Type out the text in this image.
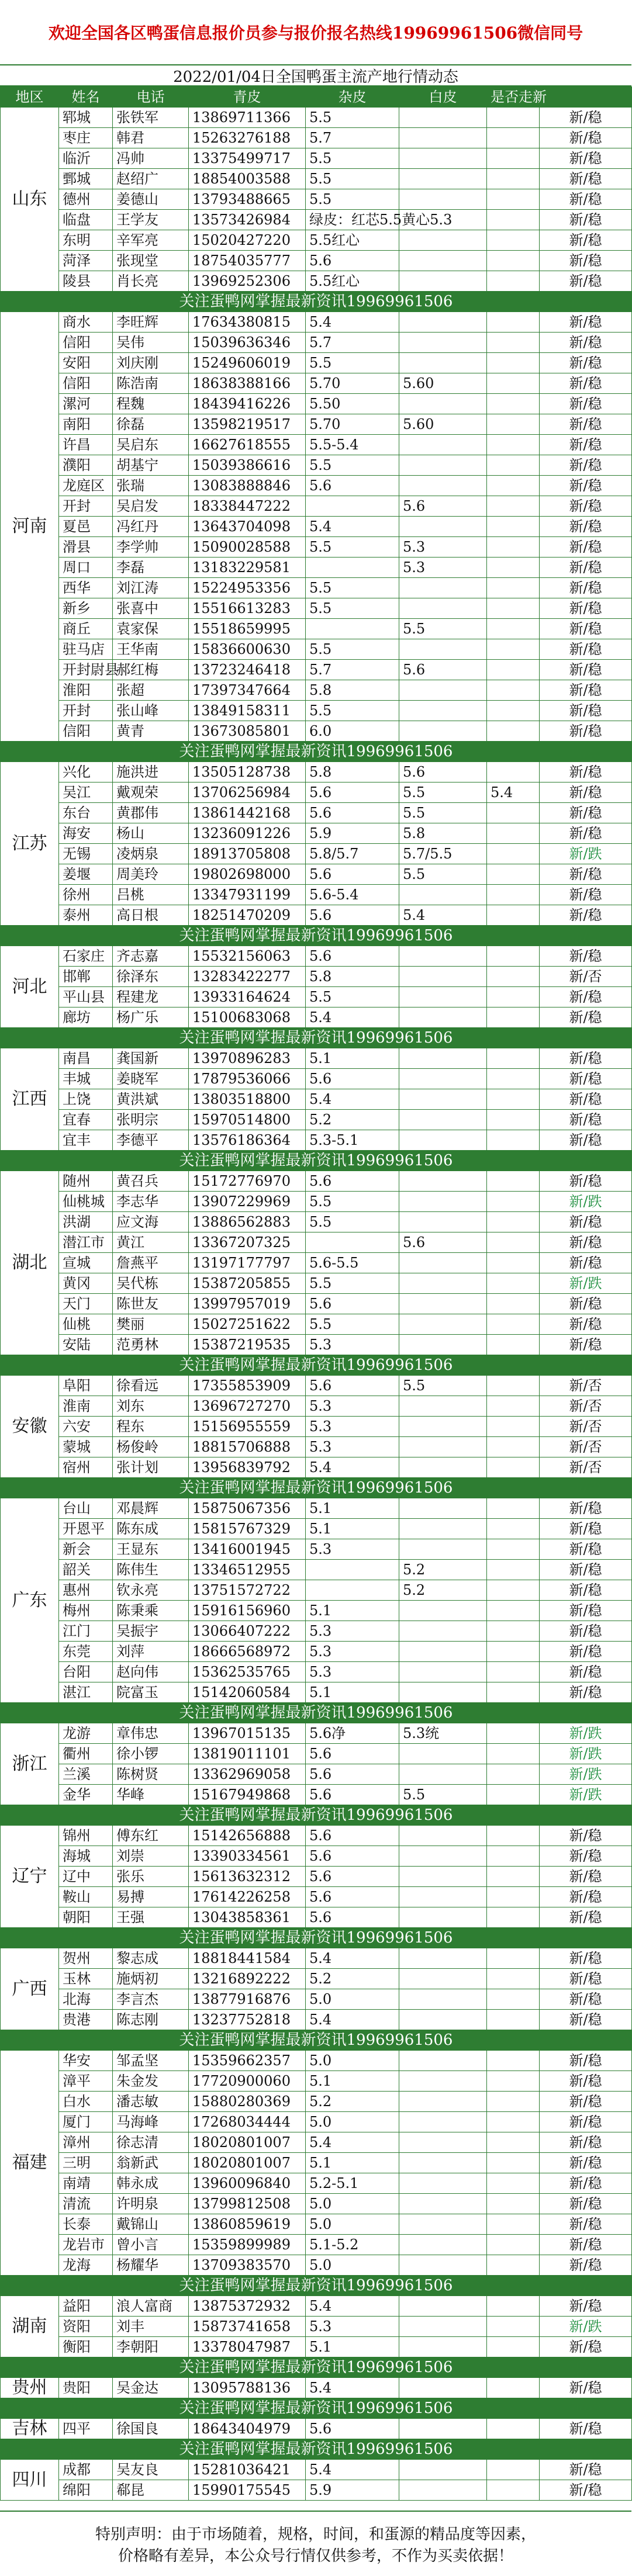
欢迎全国各区鸭蛋信息报价员参与报价报名热线19969961506微信同号
2022/01/04日全国鸭蛋主流产地行情动态
地区	姓名	电话	青皮	杂皮	白皮	是否走新	
山东	郓城	张铁军	13869711366	5.5			新/稳
	枣庄	韩君	15263276188	5.7			新/稳
	临沂	冯帅	13375499717	5.5			新/稳
	鄄城	赵绍广	18854003588	5.5			新/稳
	德州	姜德山	13793488665	5.5			新/稳
	临盘	王学友	13573426984	绿皮：红芯5.5黄心5.3			新/稳
	东明	辛军亮	15020427220	5.5红心			新/稳
	菏泽	张现堂	18754035777	5.6			新/稳
	陵县	肖长亮	13969252306	5.5红心			新/稳
关注蛋鸭网掌握最新资讯19969961506							
河南	商水	李旺辉	17634380815	5.4			新/稳
	信阳	吴伟	15039636346	5.7			新/稳
	安阳	刘庆刚	15249606019	5.5			新/稳
	信阳	陈浩南	18638388166	5.70	5.60		新/稳
	漯河	程魏	18439416226	5.50			新/稳
	南阳	徐磊	13598219517	5.70	5.60		新/稳
	许昌	吴启东	16627618555	5.5-5.4			新/稳
	濮阳	胡基宁	15039386616	5.5			新/稳
	龙庭区	张瑞	13083888846	5.6			新/稳
	开封	吴启发	18338447222		5.6		新/稳
	夏邑	冯红丹	13643704098	5.4			新/稳
	滑县	李学帅	15090028588	5.5	5.3		新/稳
	周口	李磊	13183229581		5.3		新/稳
	西华	刘江涛	15224953356	5.5			新/稳
	新乡	张喜中	15516613283	5.5			新/稳
	商丘	袁家保	15518659995		5.5		新/稳
	驻马店	王华南	15836600630	5.5			新/稳
	开封尉县	郝红梅	13723246418	5.7	5.6		新/稳
	淮阳	张超	17397347664	5.8			新/稳
	开封	张山峰	13849158311	5.5			新/稳
	信阳	黄青	13673085801	6.0			新/稳
关注蛋鸭网掌握最新资讯19969961506							
江苏	兴化	施洪进	13505128738	5.8	5.6		新/稳
	吴江	戴观荣	13706256984	5.6	5.5	5.4	新/稳
	东台	黄郡伟	13861442168	5.6	5.5		新/稳
	海安	杨山	13236091226	5.9	5.8		新/稳
	无锡	凌炳泉	18913705808	5.8/5.7	5.7/5.5		新/跌
	姜堰	周美玲	19802698000	5.6	5.5		新/稳
	徐州	吕桃	13347931199	5.6-5.4			新/稳
	泰州	高日根	18251470209	5.6	5.4		新/稳
关注蛋鸭网掌握最新资讯19969961506							
河北	石家庄	齐志嘉	15532156063	5.6			新/稳
	邯郸	徐泽东	13283422277	5.8			新/否
	平山县	程建龙	13933164624	5.5			新/稳
	廊坊	杨广乐	15100683068	5.4			新/稳
关注蛋鸭网掌握最新资讯19969961506							
江西	南昌	龚国新	13970896283	5.1			新/稳
	丰城	姜晓军	17879536066	5.6			新/稳
	上饶	黄洪斌	13803518800	5.4			新/稳
	宜春	张明宗	15970514800	5.2			新/稳
	宜丰	李德平	13576186364	5.3-5.1			新/稳
关注蛋鸭网掌握最新资讯19969961506							
湖北	随州	黄召兵	15172776970	5.6			新/稳
	仙桃城	李志华	13907229969	5.5			新/跌
	洪湖	应文海	13886562883	5.5			新/稳
	潜江市	黄江	13367207325		5.6		新/稳
	宣城	詹燕平	13197177797	5.6-5.5			新/稳
	黄冈	吴代栋	15387205855	5.5			新/跌
	天门	陈世友	13997957019	5.6			新/稳
	仙桃	樊丽	15027251622	5.5			新/稳
	安陆	范勇林	15387219535	5.3			新/稳
关注蛋鸭网掌握最新资讯19969961506							
安徽	阜阳	徐看远	17355853909	5.6	5.5		新/否
	淮南	刘东	13696727270	5.3			新/否
	六安	程东	15156955559	5.3			新/否
	蒙城	杨俊岭	18815706888	5.3			新/否
	宿州	张计划	13956839792	5.4			新/否
关注蛋鸭网掌握最新资讯19969961506							
广东	台山	邓晨辉	15875067356	5.1			新/稳
	开恩平	陈东成	15815767329	5.1			新/稳
	新会	王显东	13416001945	5.3			新/稳
	韶关	陈伟生	13346512955		5.2		新/稳
	惠州	钦永亮	13751572722		5.2		新/稳
	梅州	陈秉乘	15916156960	5.1			新/稳
	江门	吴振宇	13066407222	5.3			新/稳
	东莞	刘萍	18666568972	5.3			新/稳
	台阳	赵向伟	15362535765	5.3			新/稳
	湛江	院富玉	15142060584	5.1			新/稳
关注蛋鸭网掌握最新资讯19969961506							
浙江	龙游	章伟忠	13967015135	5.6净	5.3统		新/跌
	衢州	徐小锣	13819011101	5.6			新/跌
	兰溪	陈树贤	13362969058	5.6			新/跌
	金华	华峰	15167949868	5.6	5.5		新/跌
关注蛋鸭网掌握最新资讯19969961506							
辽宁	锦州	傅东红	15142656888	5.6			新/稳
	海城	刘崇	13390334561	5.6			新/稳
	辽中	张乐	15613632312	5.6			新/稳
	鞍山	易搏	17614226258	5.6			新/稳
	朝阳	王强	13043858361	5.6			新/稳
关注蛋鸭网掌握最新资讯19969961506							
广西	贺州	黎志成	18818441584	5.4			新/稳
	玉林	施炳初	13216892222	5.2			新/稳
	北海	李言杰	13877916876	5.0			新/稳
	贵港	陈志刚	13237752818	5.4			新/稳
关注蛋鸭网掌握最新资讯19969961506							
福建	华安	邹孟坚	15359662357	5.0			新/稳
	漳平	朱金发	17720900060	5.1			新/稳
	白水	潘志敏	15880280369	5.2			新/稳
	厦门	马海峰	17268034444	5.0			新/稳
	漳州	徐志清	18020801007	5.4			新/稳
	三明	翁新武	18020801007	5.1			新/稳
	南靖	韩永成	13960096840	5.2-5.1			新/稳
	清流	许明泉	13799812508	5.0			新/稳
	长泰	戴锦山	13860859619	5.0			新/稳
	龙岩市	曾小言	15359899989	5.1-5.2			新/稳
	龙海	杨耀华	13709383570	5.0			新/稳
关注蛋鸭网掌握最新资讯19969961506							
湖南	益阳	浪人富商	13875372932	5.4			新/稳
	资阳	刘丰	15873741658	5.3			新/跌
	衡阳	李朝阳	13378047987	5.1			新/稳
关注蛋鸭网掌握最新资讯19969961506							
贵州	贵阳	吴金达	13095788136	5.4			新/稳
关注蛋鸭网掌握最新资讯19969961506							
吉林	四平	徐国良	18643404979	5.6			新/稳
关注蛋鸭网掌握最新资讯19969961506							
四川	成都	吴友良	15281036421	5.4			新/稳
	绵阳	郗昆	15990175545	5.9			新/稳
特别声明：由于市场随着，规格，时间，和蛋源的精品度等因素，
价格略有差异，本公众号行情仅供参考，不作为买卖依据！
